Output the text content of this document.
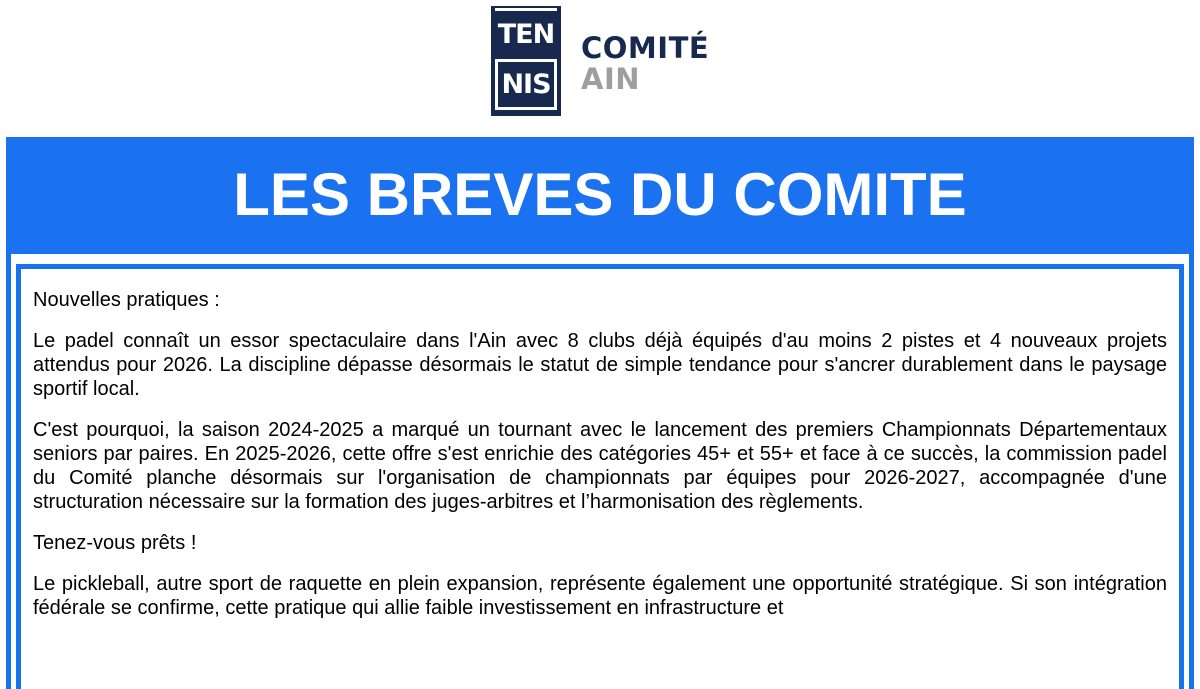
TEN
NIS
COMITÉ
AIN
LES BREVES DU COMITE

Nouvelles pratiques :

Le padel connaît un essor spectaculaire dans l'Ain avec 8 clubs déjà équipés d'au moins 2 pistes et 4 nouveaux projets attendus pour 2026. La discipline dépasse désormais le statut de simple tendance pour s'ancrer durablement dans le paysage sportif local.

C'est pourquoi, la saison 2024-2025 a marqué un tournant avec le lancement des premiers Championnats Départementaux seniors par paires. En 2025-2026, cette offre s'est enrichie des catégories 45+ et 55+ et face à ce succès, la commission padel du Comité planche désormais sur l'organisation de championnats par équipes pour 2026-2027, accompagnée d'une structuration nécessaire sur la formation des juges-arbitres et l’harmonisation des règlements.

Tenez-vous prêts !

Le pickleball, autre sport de raquette en plein expansion, représente également une opportunité stratégique. Si son intégration fédérale se confirme, cette pratique qui allie faible investissement en infrastructure et
